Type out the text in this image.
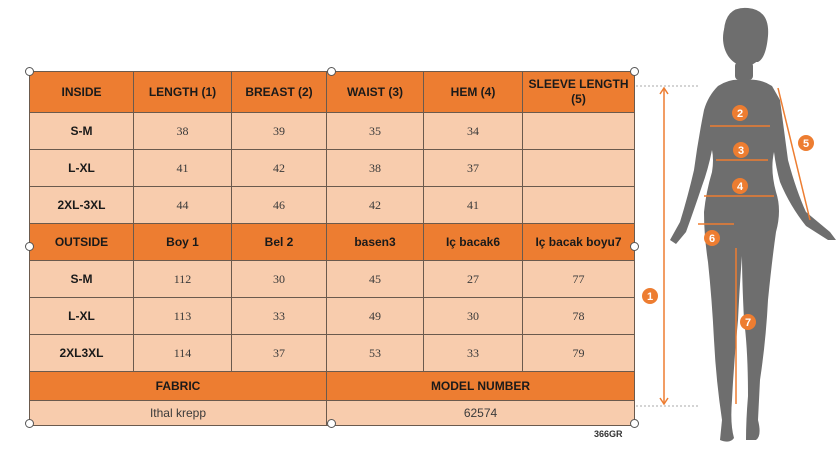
INSIDE	LENGTH (1)	BREAST (2)	WAIST (3)	HEM (4)	SLEEVE LENGTH (5)
S-M	38	39	35	34	
L-XL	41	42	38	37	
2XL-3XL	44	46	42	41	
OUTSIDE	Boy 1	Bel 2	basen3	Iç bacak6	Iç bacak boyu7
S-M	112	30	45	27	77
L-XL	113	33	49	30	78
2XL3XL	114	37	53	33	79
FABRIC			MODEL NUMBER		
Ithal krepp			62574		
366GR
1
2
3
4
5
6
7
